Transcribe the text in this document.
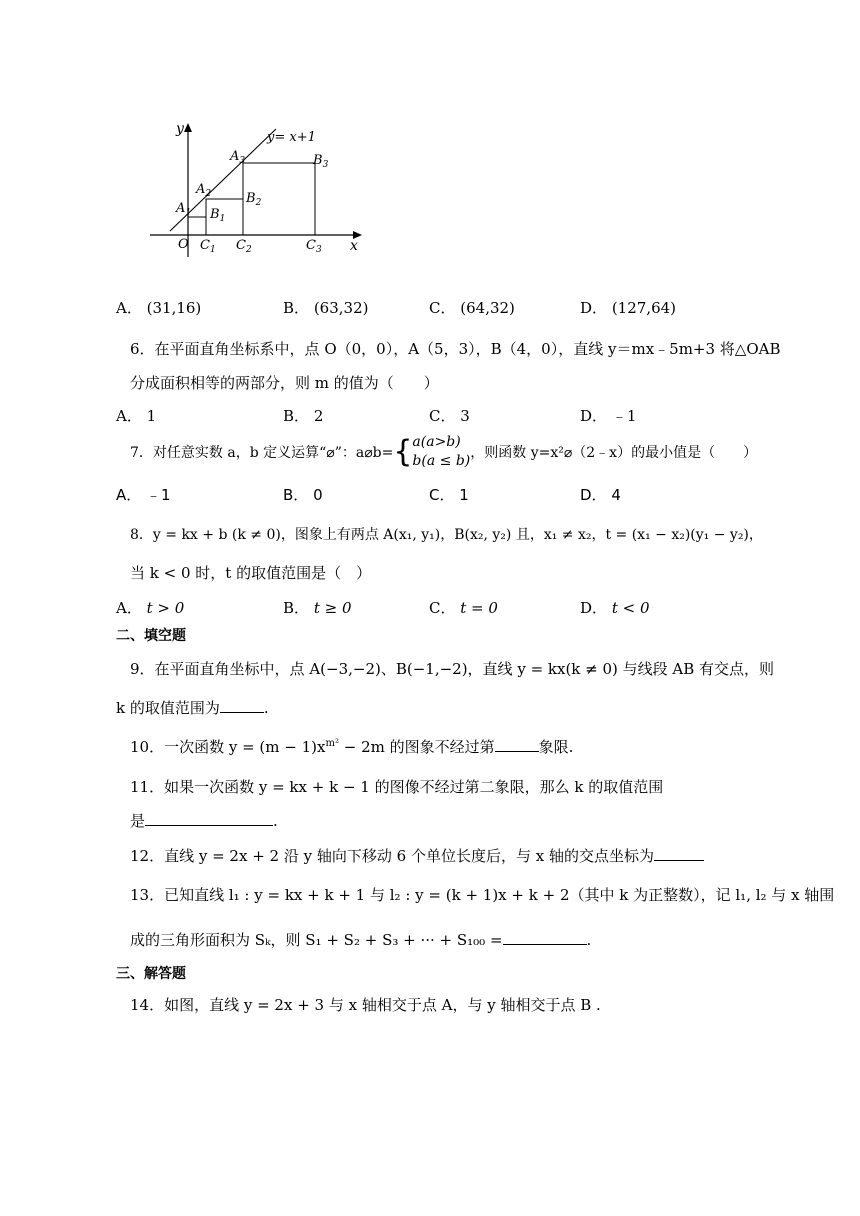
y
x
y= x+1
O
$A_1$
$A_2$
$A_3$
$B_1$
$B_2$
$B_3$
$C_1$ $C_2$	$C_3$
A． (31,16)	B． (63,32)	C． (64,32)	D． (127,64)
6．在平面直角坐标系中，点 O（0，0），A（5，3），B（4，0），直线 y＝mx﹣5m+3 将△OAB
分成面积相等的两部分，则 m 的值为（　　）
A． 1	B． 2	C． 3	D． ﹣1
7．对任意实数 a，b 定义运算“⌀”：a⌀b={a(a>b)
b(a ≤ b)，则函数 y=x²⌀（2﹣x）的最小值是（　　）
A． ﹣1	B． 0	C． 1	D． 4
8．y = kx + b (k ≠ 0)，图象上有两点 A(x₁, y₁)，B(x₂, y₂) 且，x₁ ≠ x₂，t = (x₁ − x₂)(y₁ − y₂)，
当 k < 0 时，t 的取值范围是（　）
A． t > 0	B． t ≥ 0	C． t = 0	D． t < 0
二、填空题
9．在平面直角坐标中，点 A(−3,−2)、B(−1,−2)，直线 y = kx(k ≠ 0) 与线段 AB 有交点，则
k 的取值范围为	.
10．一次函数 $y = (m - 1)x^{m^2} - 2m$ 的图象不经过第	象限.
11．如果一次函数 y = kx + k − 1 的图像不经过第二象限，那么 k 的取值范围
是	.
12．直线 y = 2x + 2 沿 y 轴向下移动 6 个单位长度后，与 x 轴的交点坐标为
13．已知直线 l₁ : y = kx + k + 1 与 l₂ : y = (k + 1)x + k + 2（其中 k 为正整数），记 l₁, l₂ 与 x 轴围
成的三角形面积为 Sₖ，则 S₁ + S₂ + S₃ + ··· + S₁₀₀ =	.
三、解答题
14．如图，直线 y = 2x + 3 与 x 轴相交于点 A，与 y 轴相交于点 B .
